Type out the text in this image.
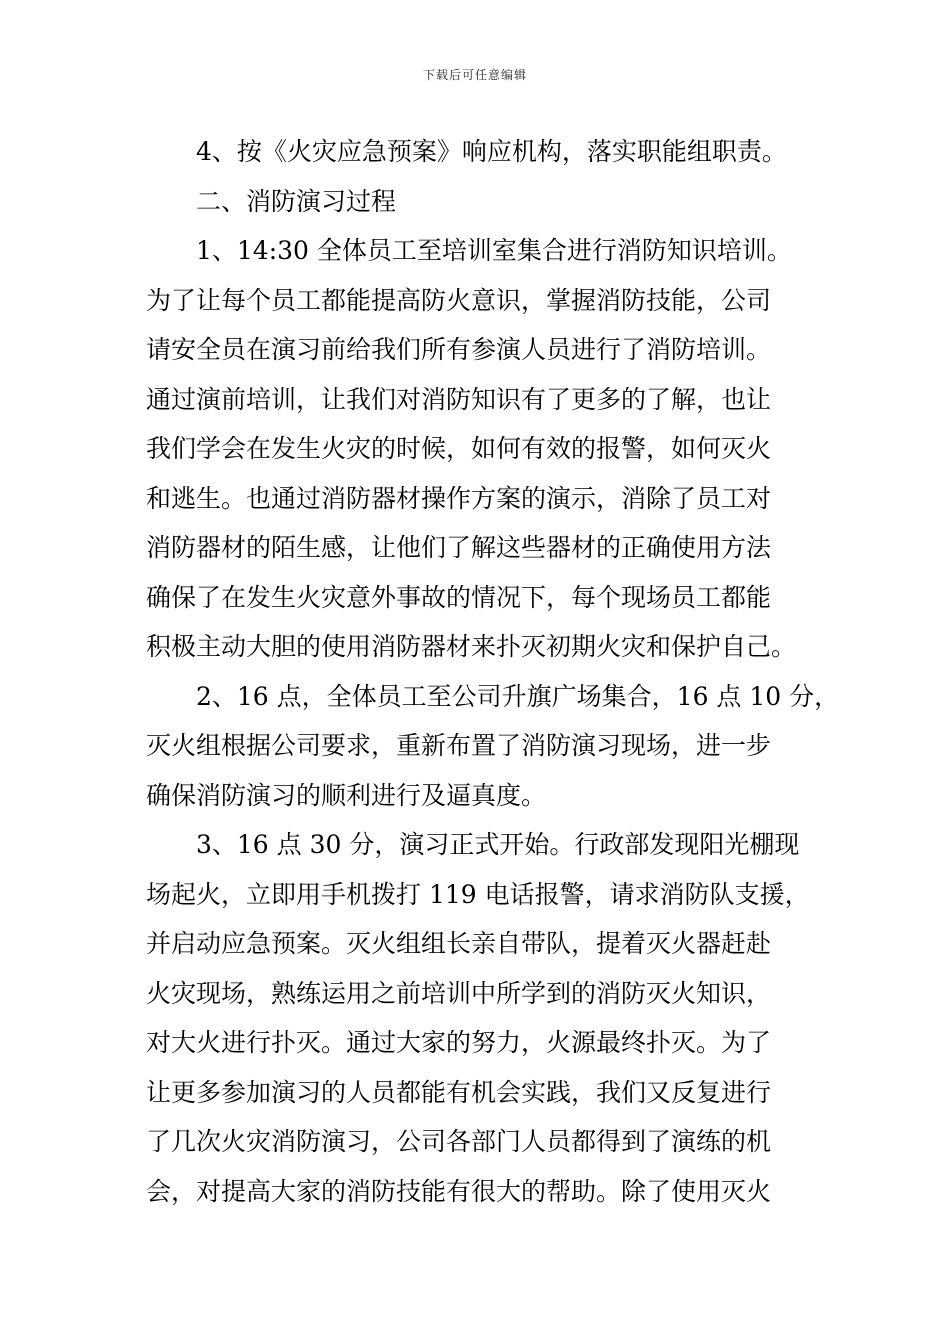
下载后可任意编辑
4、按《火灾应急预案》响应机构，落实职能组职责。
二、消防演习过程
1、14:30 全体员工至培训室集合进行消防知识培训。
为了让每个员工都能提高防火意识，掌握消防技能，公司
请安全员在演习前给我们所有参演人员进行了消防培训。
通过演前培训，让我们对消防知识有了更多的了解，也让
我们学会在发生火灾的时候，如何有效的报警，如何灭火
和逃生。也通过消防器材操作方案的演示，消除了员工对
消防器材的陌生感，让他们了解这些器材的正确使用方法
确保了在发生火灾意外事故的情况下，每个现场员工都能
积极主动大胆的使用消防器材来扑灭初期火灾和保护自己。
2、16 点，全体员工至公司升旗广场集合，16 点 10 分，
灭火组根据公司要求，重新布置了消防演习现场，进一步
确保消防演习的顺利进行及逼真度。
3、16 点 30 分，演习正式开始。行政部发现阳光棚现
场起火，立即用手机拨打 119 电话报警，请求消防队支援，
并启动应急预案。灭火组组长亲自带队，提着灭火器赶赴
火灾现场，熟练运用之前培训中所学到的消防灭火知识，
对大火进行扑灭。通过大家的努力，火源最终扑灭。为了
让更多参加演习的人员都能有机会实践，我们又反复进行
了几次火灾消防演习，公司各部门人员都得到了演练的机
会，对提高大家的消防技能有很大的帮助。除了使用灭火
